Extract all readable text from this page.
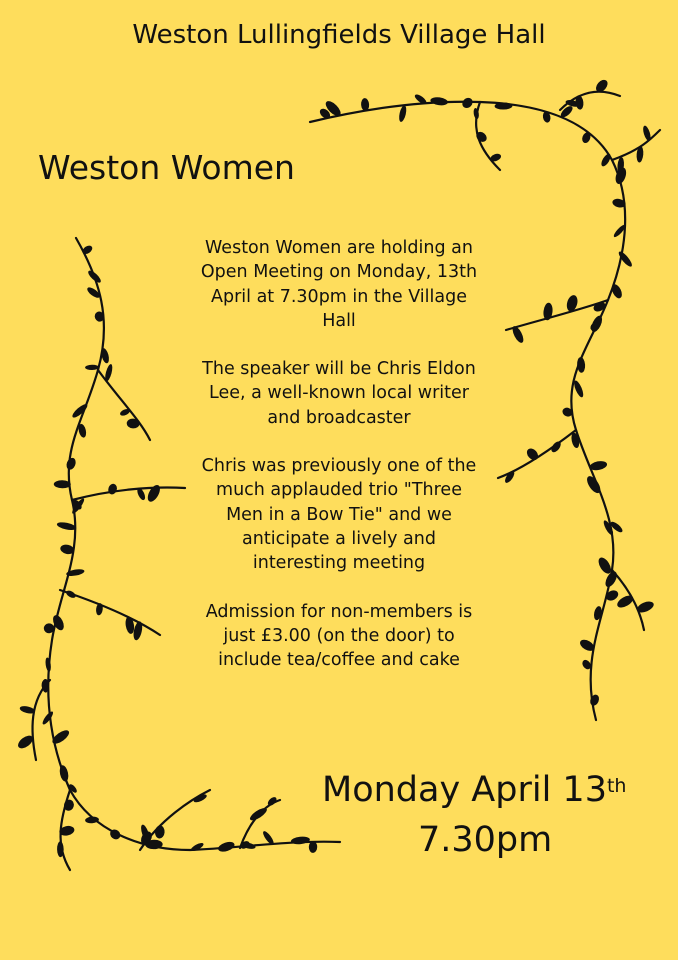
Weston Lullingfields Village Hall
Weston Women

Weston Women are holding an Open Meeting on Monday, 13th April at 7.30pm in the Village Hall

The speaker will be Chris Eldon Lee, a well-known local writer and broadcaster

Chris was previously one of the much applauded trio "Three Men in a Bow Tie" and we anticipate a lively and interesting meeting

Admission for non-members is just £3.00 (on the door) to include tea/coffee and cake

Monday April 13th
7.30pm
